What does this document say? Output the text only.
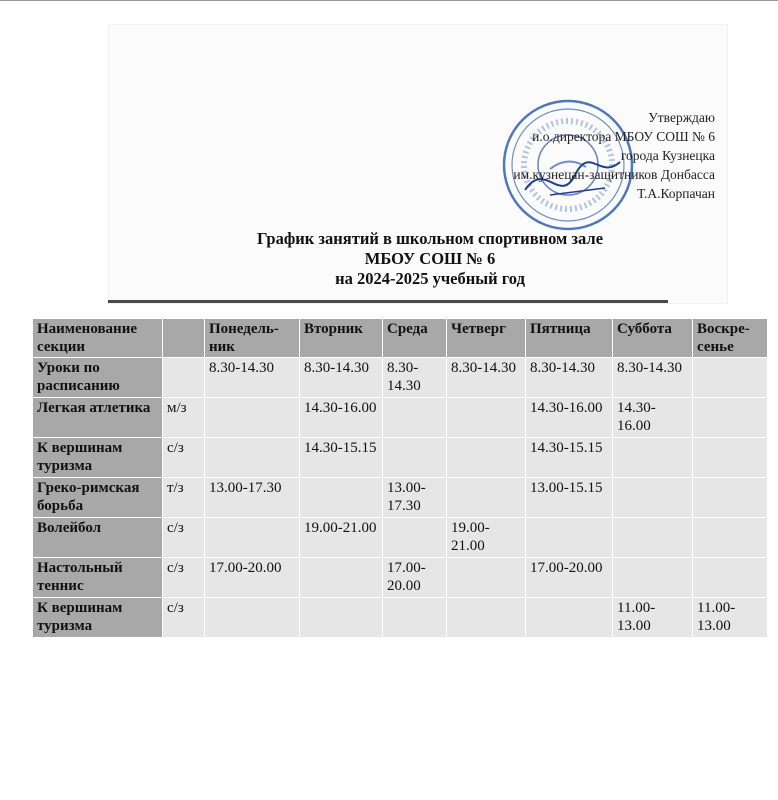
Утверждаю
и.о.директора МБОУ СОШ № 6
города Кузнецка
им.кузнецан-защитников Донбасса
Т.А.Корпачан
График занятий в школьном спортивном зале
МБОУ СОШ № 6
на 2024-2025 учебный год
Наименование секции		Понедель-ник	Вторник	Среда	Четверг	Пятница	Суббота	Воскре-сенье
Уроки по расписанию		8.30-14.30	8.30-14.30	8.30-14.30	8.30-14.30	8.30-14.30	8.30-14.30	
Легкая атлетика	м/з		14.30-16.00			14.30-16.00	14.30-16.00	
К вершинам туризма	с/з		14.30-15.15			14.30-15.15		
Греко-римская борьба	т/з	13.00-17.30		13.00-17.30		13.00-15.15		
Волейбол	с/з		19.00-21.00		19.00-21.00			
Настольный теннис	с/з	17.00-20.00		17.00-20.00		17.00-20.00		
К вершинам туризма	с/з						11.00-13.00	11.00-13.00
